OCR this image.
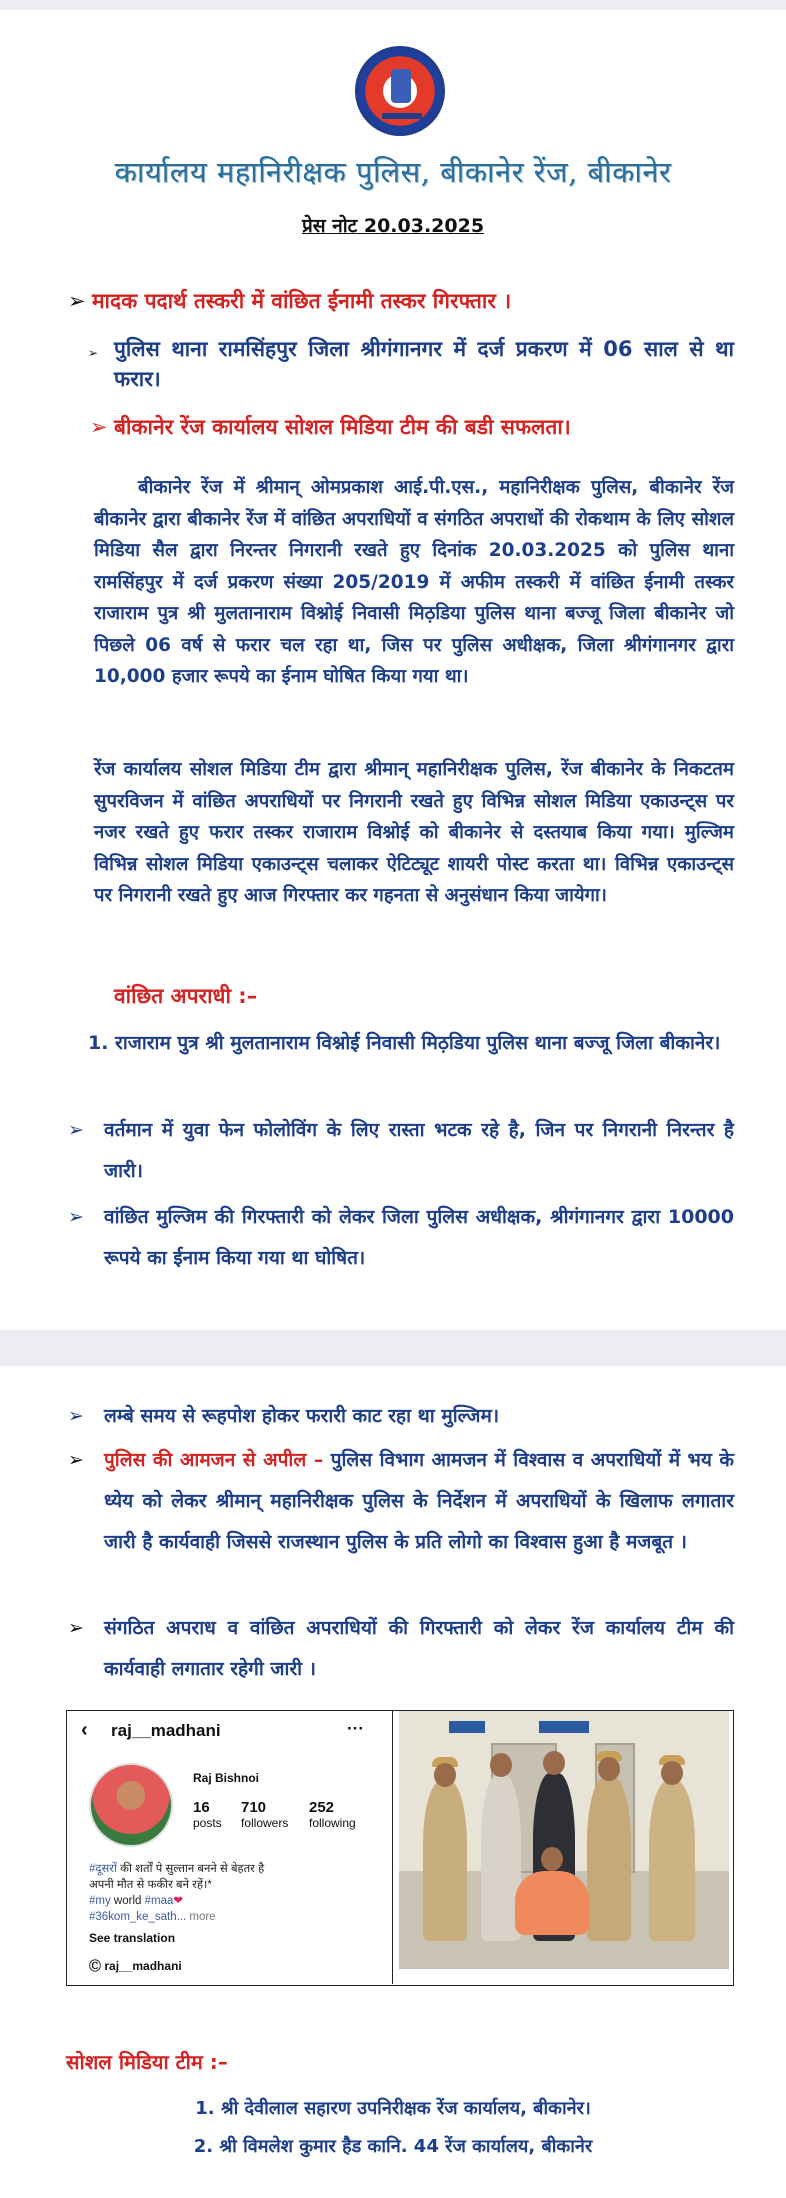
कार्यालय महानिरीक्षक पुलिस, बीकानेर रेंज, बीकानेर
प्रेस नोट 20.03.2025
➢ मादक पदार्थ तस्करी में वांछित ईनामी तस्कर गिरफ्तार ।
➢ पुलिस थाना रामसिंहपुर जिला श्रीगंगानगर में दर्ज प्रकरण में 06 साल से था फरार।
➢ बीकानेर रेंज कार्यालय सोशल मिडिया टीम की बडी सफलता।
बीकानेर रेंज में श्रीमान् ओमप्रकाश आई.पी.एस., महानिरीक्षक पुलिस, बीकानेर रेंज बीकानेर द्वारा बीकानेर रेंज में वांछित अपराधियों व संगठित अपराधों की रोकथाम के लिए सोशल मिडिया सैल द्वारा निरन्तर निगरानी रखते हुए दिनांक 20.03.2025 को पुलिस थाना रामसिंहपुर में दर्ज प्रकरण संख्या 205/2019 में अफीम तस्करी में वांछित ईनामी तस्कर राजाराम पुत्र श्री मुलतानाराम विश्नोई निवासी मिठ़डिया पुलिस थाना बज्जू जिला बीकानेर जो पिछले 06 वर्ष से फरार चल रहा था, जिस पर पुलिस अधीक्षक, जिला श्रीगंगानगर द्वारा 10,000 हजार रूपये का ईनाम घोषित किया गया था।
रेंज कार्यालय सोशल मिडिया टीम द्वारा श्रीमान् महानिरीक्षक पुलिस, रेंज बीकानेर के निकटतम सुपरविजन में वांछित अपराधियों पर निगरानी रखते हुए विभिन्न सोशल मिडिया एकाउन्ट्स पर नजर रखते हुए फरार तस्कर राजाराम विश्नोई को बीकानेर से दस्तयाब किया गया। मुल्जिम विभिन्न सोशल मिडिया एकाउन्ट्स चलाकर ऐटिट्यूट शायरी पोस्ट करता था। विभिन्न एकाउन्ट्स पर निगरानी रखते हुए आज गिरफ्तार कर गहनता से अनुसंधान किया जायेगा।
वांछित अपराधी :–
1. राजाराम पुत्र श्री मुलतानाराम विश्नोई निवासी मिठ़डिया पुलिस थाना बज्जू जिला बीकानेर।
➢ वर्तमान में युवा फेन फोलोविंग के लिए रास्ता भटक रहे है, जिन पर निगरानी निरन्तर है जारी।
➢ वांछित मुल्जिम की गिरफ्तारी को लेकर जिला पुलिस अधीक्षक, श्रीगंगानगर द्वारा 10000 रूपये का ईनाम किया गया था घोषित।
➢ लम्बे समय से रूहपोश होकर फरारी काट रहा था मुल्जिम।
➢ पुलिस की आमजन से अपील – पुलिस विभाग आमजन में विश्वास व अपराधियों में भय के ध्येय को लेकर श्रीमान् महानिरीक्षक पुलिस के निर्देशन में अपराधियों के खिलाफ लगातार जारी है कार्यवाही जिससे राजस्थान पुलिस के प्रति लोगो का विश्वास हुआ है मजबूत ।
➢ संगठित अपराध व वांछित अपराधियों की गिरफ्तारी को लेकर रेंज कार्यालय टीम की कार्यवाही लगातार रहेगी जारी ।
‹ raj__madhani	···
Raj Bishnoi
16
posts
710
followers
252
following
#दूसरों की शर्तों पे सुल्तान बनने से बेहतर है
अपनी मौत से फकीर बने रहें।*
#my world #maa❤
#36kom_ke_sath... more
See translation
Ⓒ raj__madhani
सोशल मिडिया टीम :–
1. श्री देवीलाल सहारण उपनिरीक्षक रेंज कार्यालय, बीकानेर।
2. श्री विमलेश कुमार हैड कानि. 44 रेंज कार्यालय, बीकानेर
